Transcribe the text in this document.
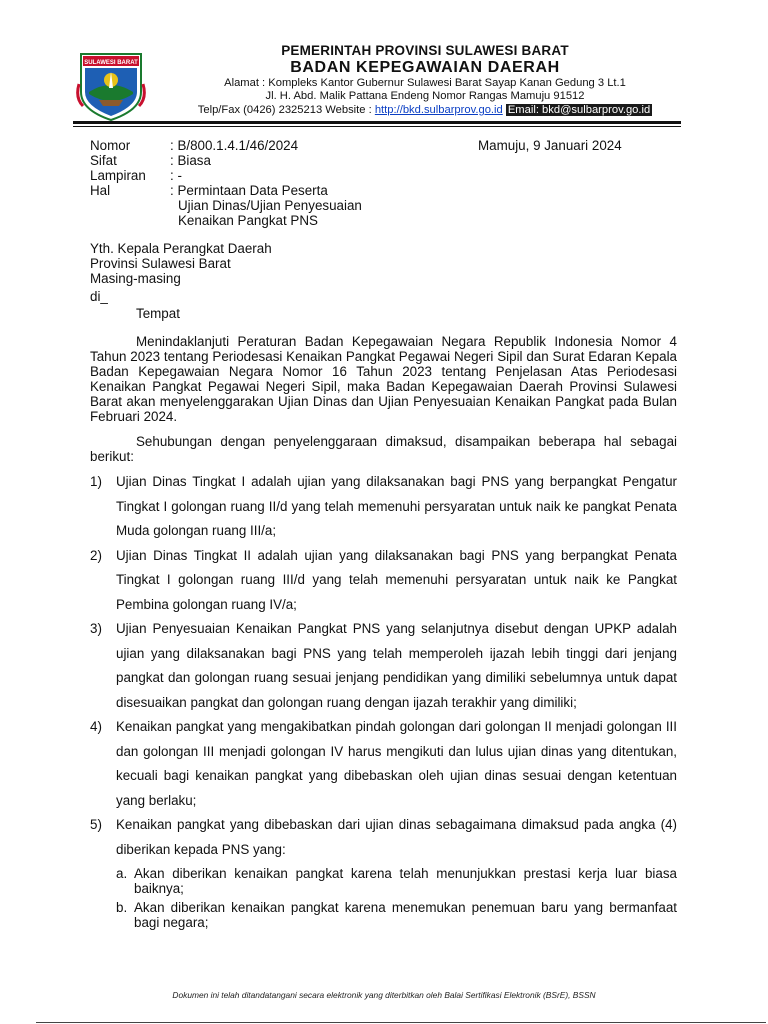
SULAWESI BARAT
PEMERINTAH PROVINSI SULAWESI BARAT
BADAN KEPEGAWAIAN DAERAH
Alamat : Kompleks Kantor Gubernur Sulawesi Barat Sayap Kanan Gedung 3 Lt.1
Jl. H. Abd. Malik Pattana Endeng Nomor Rangas Mamuju 91512
Telp/Fax (0426) 2325213 Website : http://bkd.sulbarprov.go.id Email: bkd@sulbarprov.go.id
Nomor	: B/800.1.4.1/46/2024
Sifat	: Biasa
Lampiran	: -
Hal	: Permintaan Data Peserta
Ujian Dinas/Ujian Penyesuaian
Kenaikan Pangkat PNS
Mamuju, 9 Januari 2024
Yth. Kepala Perangkat Daerah
Provinsi Sulawesi Barat
Masing-masing
di_
Tempat

Menindaklanjuti Peraturan Badan Kepegawaian Negara Republik Indonesia Nomor 4 Tahun 2023 tentang Periodesasi Kenaikan Pangkat Pegawai Negeri Sipil dan Surat Edaran Kepala Badan Kepegawaian Negara Nomor 16 Tahun 2023 tentang Penjelasan Atas Periodesasi Kenaikan Pangkat Pegawai Negeri Sipil, maka Badan Kepegawaian Daerah Provinsi Sulawesi Barat akan menyelenggarakan Ujian Dinas dan Ujian Penyesuaian Kenaikan Pangkat pada Bulan Februari 2024.

Sehubungan dengan penyelenggaraan dimaksud, disampaikan beberapa hal sebagai berikut:

1)	Ujian Dinas Tingkat I adalah ujian yang dilaksanakan bagi PNS yang berpangkat Pengatur Tingkat I golongan ruang II/d yang telah memenuhi persyaratan untuk naik ke pangkat Penata Muda golongan ruang III/a;
2)	Ujian Dinas Tingkat II adalah ujian yang dilaksanakan bagi PNS yang berpangkat Penata Tingkat I golongan ruang III/d yang telah memenuhi persyaratan untuk naik ke Pangkat Pembina golongan ruang IV/a;
3)	Ujian Penyesuaian Kenaikan Pangkat PNS yang selanjutnya disebut dengan UPKP adalah ujian yang dilaksanakan bagi PNS yang telah memperoleh ijazah lebih tinggi dari jenjang pangkat dan golongan ruang sesuai jenjang pendidikan yang dimiliki sebelumnya untuk dapat disesuaikan pangkat dan golongan ruang dengan ijazah terakhir yang dimiliki;
4)	Kenaikan pangkat yang mengakibatkan pindah golongan dari golongan II menjadi golongan III dan golongan III menjadi golongan IV harus mengikuti dan lulus ujian dinas yang ditentukan, kecuali bagi kenaikan pangkat yang dibebaskan oleh ujian dinas sesuai dengan ketentuan yang berlaku;
5)	Kenaikan pangkat yang dibebaskan dari ujian dinas sebagaimana dimaksud pada angka (4) diberikan kepada PNS yang:
a. Akan diberikan kenaikan pangkat karena telah menunjukkan prestasi kerja luar biasa baiknya;
b. Akan diberikan kenaikan pangkat karena menemukan penemuan baru yang bermanfaat bagi negara;
Dokumen ini telah ditandatangani secara elektronik yang diterbitkan oleh Balai Sertifikasi Elektronik (BSrE), BSSN
